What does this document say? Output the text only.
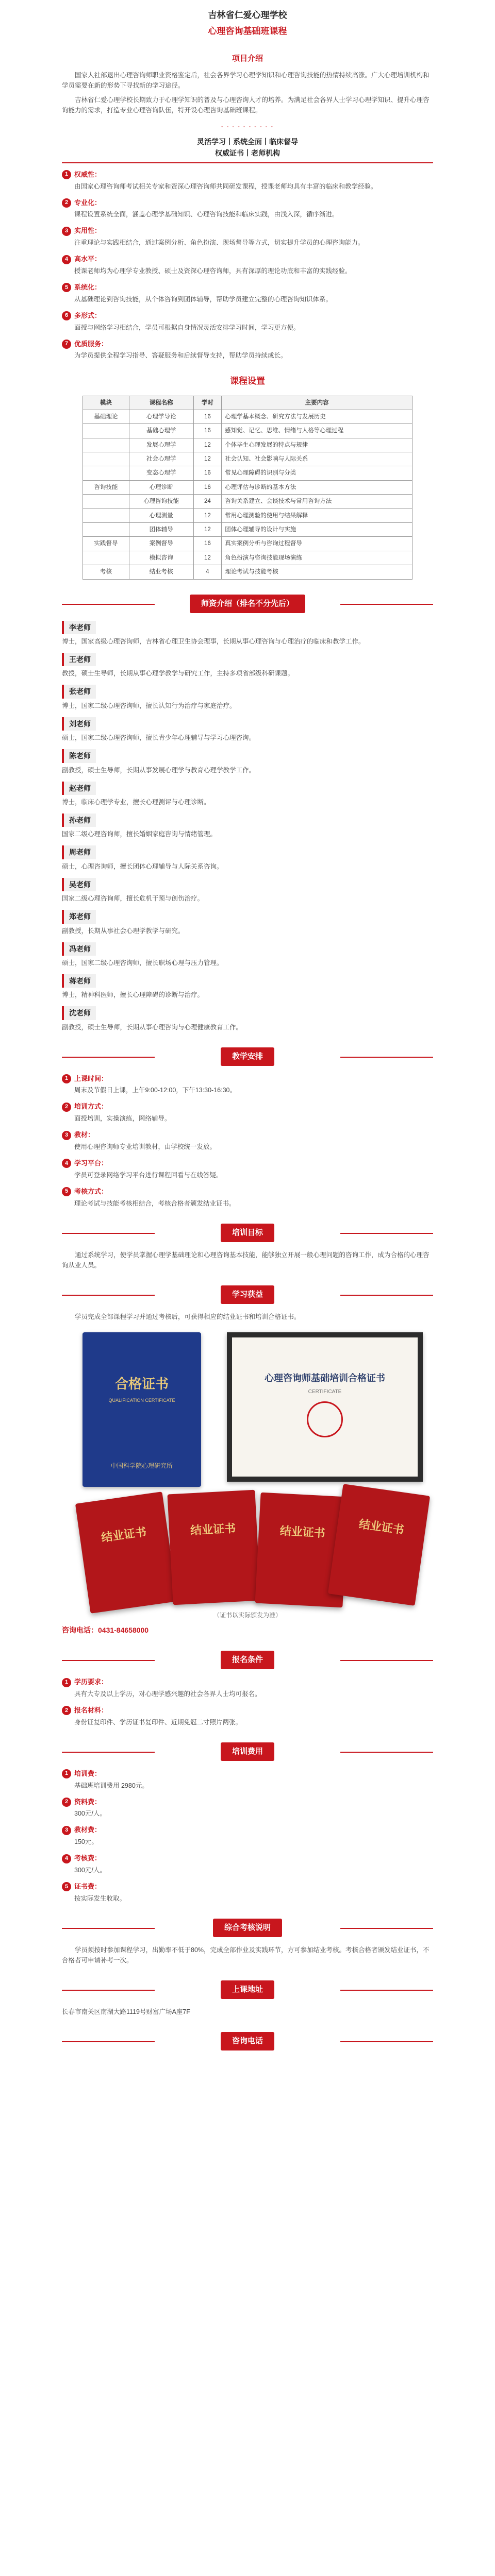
吉林省仁爱心理学校
心理咨询基础班课程
项目介绍

国家人社部退出心理咨询师职业资格鉴定后，社会各界学习心理学知识和心理咨询技能的热情持续高涨。广大心理培训机构和学员需要在新的形势下寻找新的学习途径。

吉林省仁爱心理学校长期致力于心理学知识的普及与心理咨询人才的培养。为满足社会各界人士学习心理学知识、提升心理咨询能力的需求，打造专业心理咨询队伍，特开设心理咨询基础班课程。

- - - - - - - - - -
灵活学习丨系统全面丨临床督导
权威证书丨老师机构
1 权威性：
由国家心理咨询师考试相关专家和资深心理咨询师共同研发课程，授课老师均具有丰富的临床和教学经验。
2 专业化：
课程设置系统全面，涵盖心理学基础知识、心理咨询技能和临床实践，由浅入深，循序渐进。
3 实用性：
注重理论与实践相结合，通过案例分析、角色扮演、现场督导等方式，切实提升学员的心理咨询能力。
4 高水平：
授课老师均为心理学专业教授、硕士及资深心理咨询师，具有深厚的理论功底和丰富的实践经验。
5 系统化：
从基础理论到咨询技能，从个体咨询到团体辅导，帮助学员建立完整的心理咨询知识体系。
6 多形式：
面授与网络学习相结合，学员可根据自身情况灵活安排学习时间，学习更方便。
7 优质服务：
为学员提供全程学习指导、答疑服务和后续督导支持，帮助学员持续成长。
课程设置
模块	课程名称	学时	主要内容
基础理论	心理学导论	16	心理学基本概念、研究方法与发展历史
	基础心理学	16	感知觉、记忆、思维、情绪与人格等心理过程
	发展心理学	12	个体毕生心理发展的特点与规律
	社会心理学	12	社会认知、社会影响与人际关系
	变态心理学	16	常见心理障碍的识别与分类
咨询技能	心理诊断	16	心理评估与诊断的基本方法
	心理咨询技能	24	咨询关系建立、会谈技术与常用咨询方法
	心理测量	12	常用心理测验的使用与结果解释
	团体辅导	12	团体心理辅导的设计与实施
实践督导	案例督导	16	真实案例分析与咨询过程督导
	模拟咨询	12	角色扮演与咨询技能现场演练
考核	结业考核	4	理论考试与技能考核
师资介绍（排名不分先后）
李老师
博士，国家高级心理咨询师，吉林省心理卫生协会理事，长期从事心理咨询与心理治疗的临床和教学工作。
王老师
教授，硕士生导师，长期从事心理学教学与研究工作，主持多项省部级科研课题。
张老师
博士，国家二级心理咨询师，擅长认知行为治疗与家庭治疗。
刘老师
硕士，国家二级心理咨询师，擅长青少年心理辅导与学习心理咨询。
陈老师
副教授，硕士生导师，长期从事发展心理学与教育心理学教学工作。
赵老师
博士，临床心理学专业，擅长心理测评与心理诊断。
孙老师
国家二级心理咨询师，擅长婚姻家庭咨询与情绪管理。
周老师
硕士，心理咨询师，擅长团体心理辅导与人际关系咨询。
吴老师
国家二级心理咨询师，擅长危机干预与创伤治疗。
郑老师
副教授，长期从事社会心理学教学与研究。
冯老师
硕士，国家二级心理咨询师，擅长职场心理与压力管理。
蒋老师
博士，精神科医师，擅长心理障碍的诊断与治疗。
沈老师
副教授，硕士生导师，长期从事心理咨询与心理健康教育工作。
教学安排
1 上课时间：
周末及节假日上课，上午9:00-12:00，下午13:30-16:30。
2 培训方式：
面授培训，实操演练，网络辅导。
3 教材：
使用心理咨询师专业培训教材，由学校统一发放。
4 学习平台：
学员可登录网络学习平台进行课程回看与在线答疑。
5 考核方式：
理论考试与技能考核相结合，考核合格者颁发结业证书。
培训目标

通过系统学习，使学员掌握心理学基础理论和心理咨询基本技能，能够独立开展一般心理问题的咨询工作，成为合格的心理咨询从业人员。

学习获益

学员完成全部课程学习并通过考核后，可获得相应的结业证书和培训合格证书。

合格证书
QUALIFICATION CERTIFICATE
中国科学院心理研究所
心理咨询师基础培训合格证书
CERTIFICATE
结业证书	结业证书	结业证书	结业证书
（证书以实际颁发为准）
咨询电话：0431-84658000
报名条件
1 学历要求：
具有大专及以上学历，对心理学感兴趣的社会各界人士均可报名。
2 报名材料：
身份证复印件、学历证书复印件、近期免冠二寸照片两张。
培训费用
1 培训费：
基础班培训费用 2980元。
2 资料费：
300元/人。
3 教材费：
150元。
4 考核费：
300元/人。
5 证书费：
按实际发生收取。
综合考核说明

学员须按时参加课程学习，出勤率不低于80%，完成全部作业及实践环节，方可参加结业考核。考核合格者颁发结业证书，不合格者可申请补考一次。

上课地址
长春市南关区南湖大路1119号财富广场A座7F
咨询电话
